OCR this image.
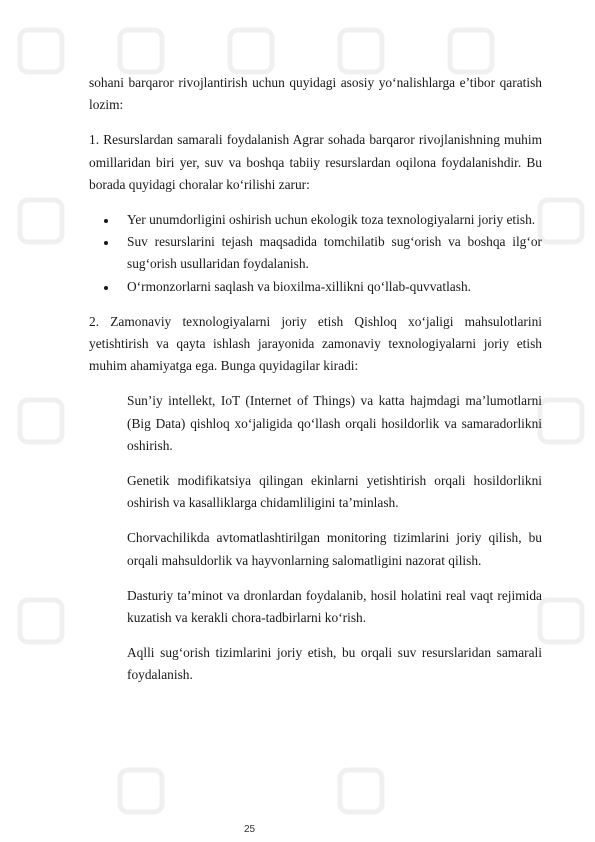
sohani barqaror rivojlantirish uchun quyidagi asosiy yo‘nalishlarga e’tibor qaratish lozim:

1. Resurslardan samarali foydalanish Agrar sohada barqaror rivojlanishning muhim omillaridan biri yer, suv va boshqa tabiiy resurslardan oqilona foydalanishdir. Bu borada quyidagi choralar ko‘rilishi zarur:

Yer unumdorligini oshirish uchun ekologik toza texnologiyalarni joriy etish.
Suv resurslarini tejash maqsadida tomchilatib sug‘orish va boshqa ilg‘or sug‘orish usullaridan foydalanish.
O‘rmonzorlarni saqlash va bioxilma-xillikni qo‘llab-quvvatlash.

2. Zamonaviy texnologiyalarni joriy etish Qishloq xo‘jaligi mahsulotlarini yetishtirish va qayta ishlash jarayonida zamonaviy texnologiyalarni joriy etish muhim ahamiyatga ega. Bunga quyidagilar kiradi:

Sun’iy intellekt, IoT (Internet of Things) va katta hajmdagi ma’lumotlarni (Big Data) qishloq xo‘jaligida qo‘llash orqali hosildorlik va samaradorlikni oshirish.

Genetik modifikatsiya qilingan ekinlarni yetishtirish orqali hosildorlikni oshirish va kasalliklarga chidamliligini ta’minlash.

Chorvachilikda avtomatlashtirilgan monitoring tizimlarini joriy qilish, bu orqali mahsuldorlik va hayvonlarning salomatligini nazorat qilish.

Dasturiy ta’minot va dronlardan foydalanib, hosil holatini real vaqt rejimida kuzatish va kerakli chora-tadbirlarni ko‘rish.

Aqlli sug‘orish tizimlarini joriy etish, bu orqali suv resurslaridan samarali foydalanish.

25
